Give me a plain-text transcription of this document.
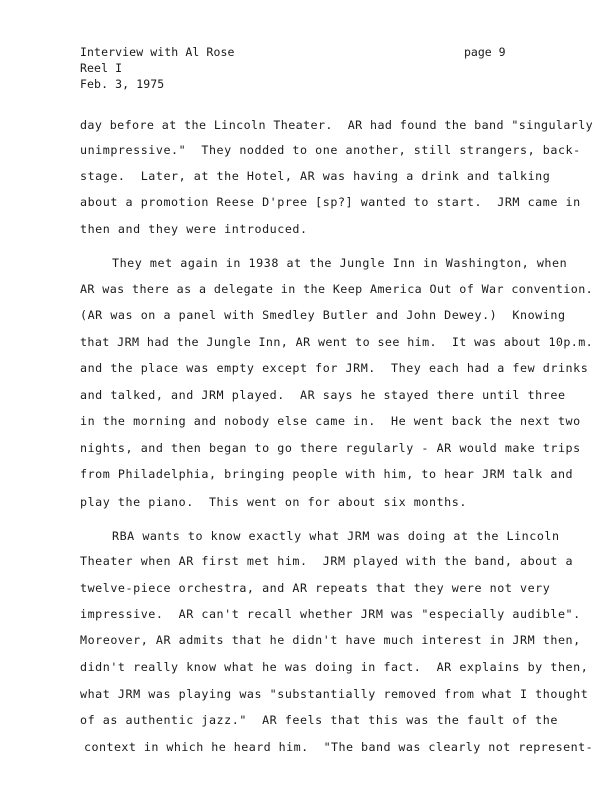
Interview with Al Rose
Reel I
Feb. 3, 1975
page 9
day before at the Lincoln Theater.  AR had found the band "singularly
unimpressive."  They nodded to one another, still strangers, back-
stage.  Later, at the Hotel, AR was having a drink and talking
about a promotion Reese D'pree [sp?] wanted to start.  JRM came in
then and they were introduced.
They met again in 1938 at the Jungle Inn in Washington, when
AR was there as a delegate in the Keep America Out of War convention.
(AR was on a panel with Smedley Butler and John Dewey.)  Knowing
that JRM had the Jungle Inn, AR went to see him.  It was about 10p.m.
and the place was empty except for JRM.  They each had a few drinks
and talked, and JRM played.  AR says he stayed there until three
in the morning and nobody else came in.  He went back the next two
nights, and then began to go there regularly - AR would make trips
from Philadelphia, bringing people with him, to hear JRM talk and
play the piano.  This went on for about six months.
RBA wants to know exactly what JRM was doing at the Lincoln
Theater when AR first met him.  JRM played with the band, about a
twelve-piece orchestra, and AR repeats that they were not very
impressive.  AR can't recall whether JRM was "especially audible".
Moreover, AR admits that he didn't have much interest in JRM then,
didn't really know what he was doing in fact.  AR explains by then,
what JRM was playing was "substantially removed from what I thought
of as authentic jazz."  AR feels that this was the fault of the
context in which he heard him.  "The band was clearly not represent-
